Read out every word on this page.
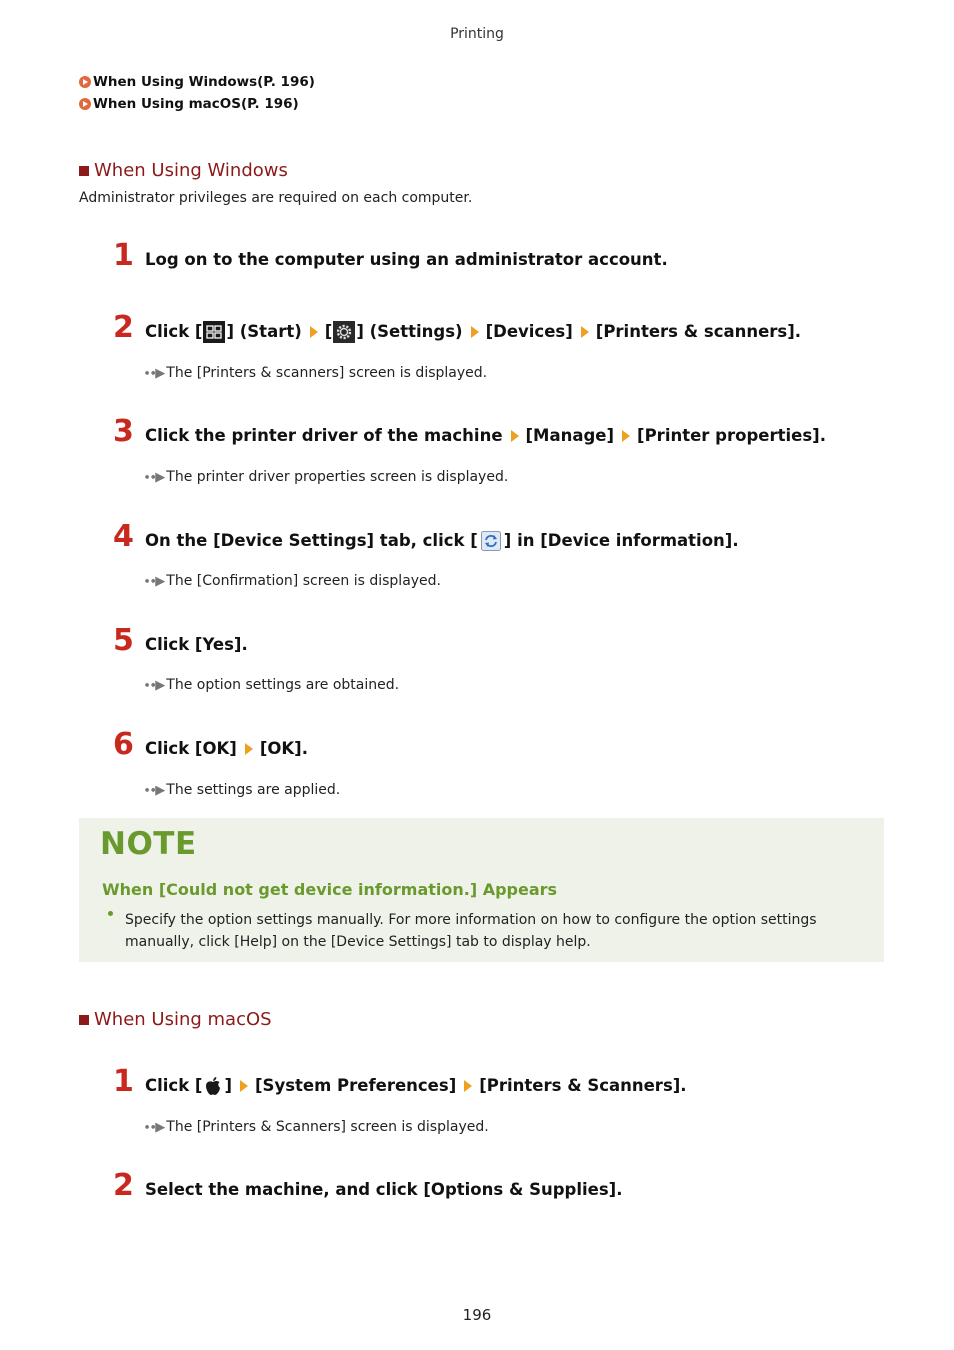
Printing
When Using Windows(P. 196)
When Using macOS(P. 196)
When Using Windows
Administrator privileges are required on each computer.
1 Log on to the computer using an administrator account.
2 Click [ ] (Start) [ ] (Settings) [Devices] [Printers & scanners].
∙∙▶ The [Printers & scanners] screen is displayed.
3 Click the printer driver of the machine [Manage] [Printer properties].
∙∙▶ The printer driver properties screen is displayed.
4 On the [Device Settings] tab, click [ ] in [Device information].
∙∙▶ The [Confirmation] screen is displayed.
5 Click [Yes].
∙∙▶ The option settings are obtained.
6 Click [OK] [OK].
∙∙▶ The settings are applied.
NOTE
When [Could not get device information.] Appears
Specify the option settings manually. For more information on how to configure the option settings manually, click [Help] on the [Device Settings] tab to display help.
When Using macOS
1 Click [ ] [System Preferences] [Printers & Scanners].
∙∙▶ The [Printers & Scanners] screen is displayed.
2 Select the machine, and click [Options & Supplies].
196
